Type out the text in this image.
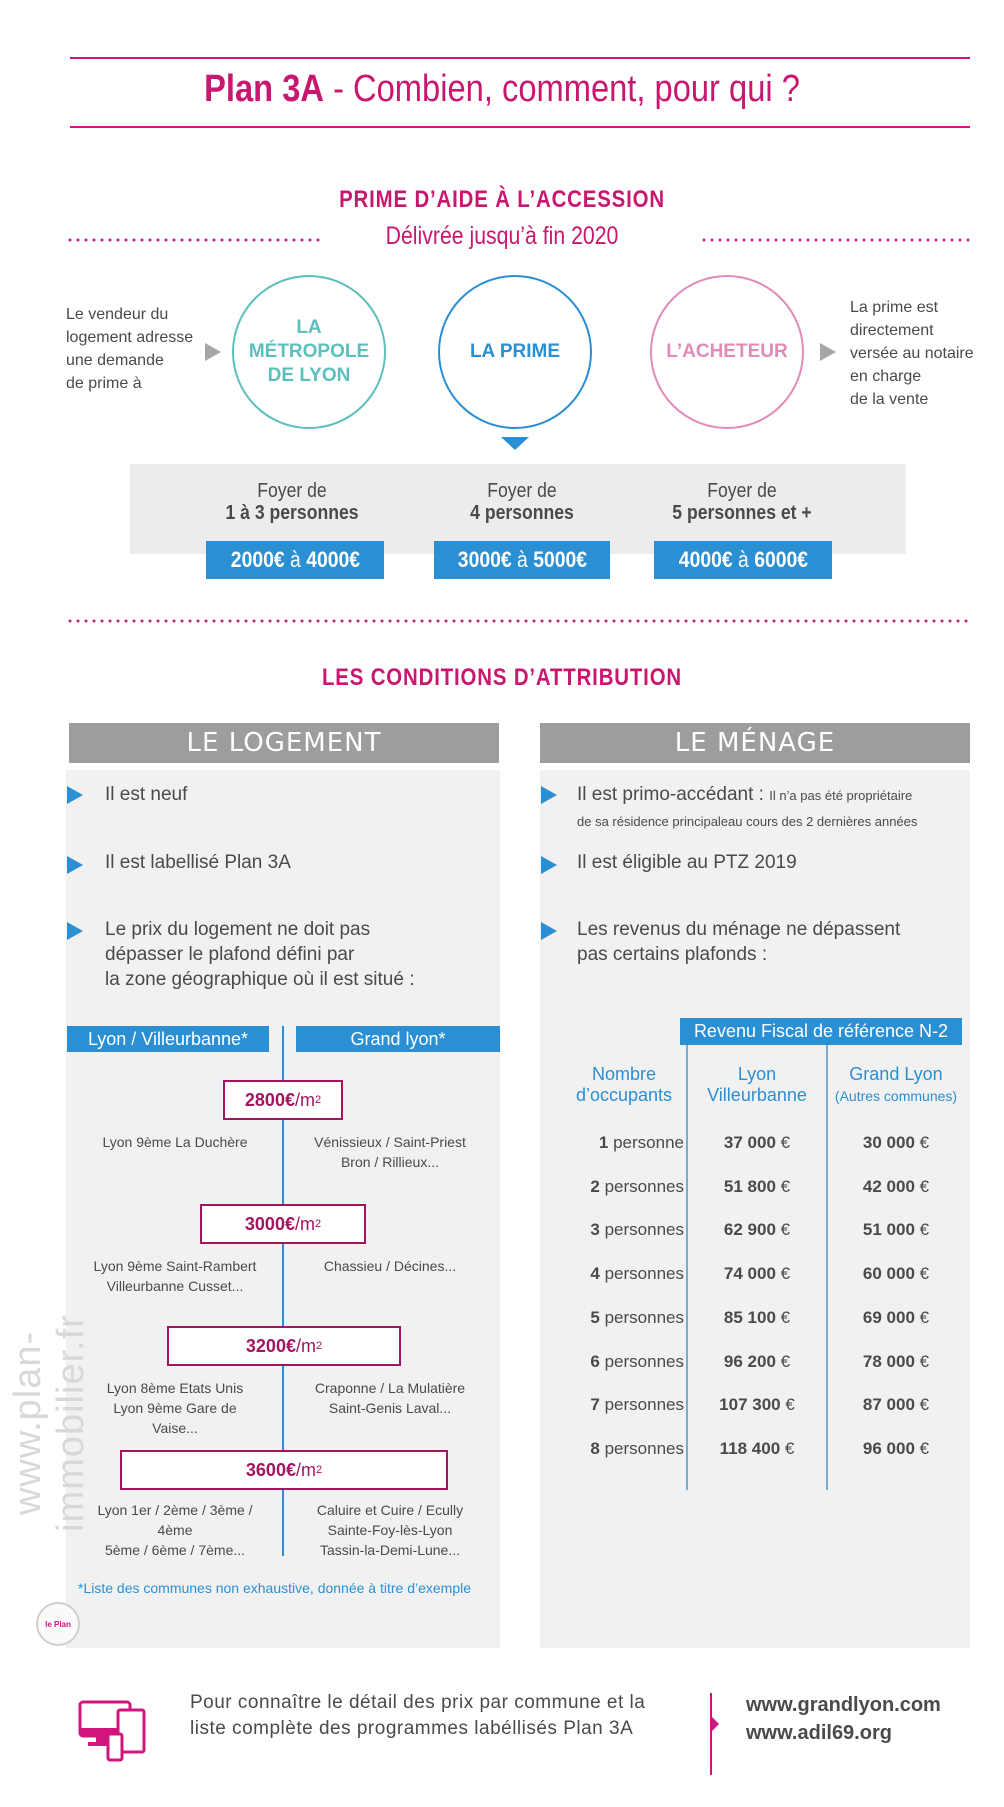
Plan 3A - Combien, comment, pour qui ?
PRIME D’AIDE À L’ACCESSION
Délivrée jusqu’à fin 2020
Le vendeur du
logement adresse
une demande
de prime à
LA
MÉTROPOLE
DE LYON
LA PRIME	L’ACHETEUR
La prime est
directement
versée au notaire
en charge
de la vente
Foyer de
1 à 3 personnes
Foyer de
4 personnes
Foyer de
5 personnes et +
2000€ à 4000€	3000€ à 5000€	4000€ à 6000€
LES CONDITIONS D’ATTRIBUTION
LE LOGEMENT
Il est neuf
Il est labellisé Plan 3A
Le prix du logement ne doit pas
dépasser le plafond défini par
la zone géographique où il est situé :
Lyon / Villeurbanne*	Grand lyon*
2800€ /m 2
Lyon 9ème La Duchère	Vénissieux / Saint-Priest
Bron / Rillieux...
3000€ /m 2
Lyon 9ème Saint-Rambert
Villeurbanne Cusset...
Chassieu / Décines...
3200€ /m 2
Lyon 8ème Etats Unis
Lyon 9ème Gare de Vaise...
Craponne / La Mulatière
Saint-Genis Laval...
3600€ /m 2
Lyon 1er / 2ème / 3ème / 4ème
5ème / 6ème / 7ème...
Caluire et Cuire / Ecully
Sainte-Foy-lès-Lyon
Tassin-la-Demi-Lune...
*Liste des communes non exhaustive, donnée à titre d’exemple
LE MÉNAGE
Il est primo-accédant : Il n’a pas été propriétaire
de sa résidence principaleau cours des 2 dernières années
Il est éligible au PTZ 2019
Les revenus du ménage ne dépassent
pas certains plafonds :
Revenu Fiscal de référence N-2
Nombre
d’occupants
Lyon
Villeurbanne
Grand Lyon
(Autres communes)
1 personne	37 000 €	30 000 €
2 personnes	51 800 €	42 000 €
3 personnes	62 900 €	51 000 €
4 personnes	74 000 €	60 000 €
5 personnes	85 100 €	69 000 €
6 personnes	96 200 €	78 000 €
7 personnes	107 300 €	87 000 €
8 personnes	118 400 €	96 000 €
www.plan-immobilier.fr
le Plan
Pour connaître le détail des prix par commune et la
liste complète des programmes labéllisés Plan 3A
www.grandlyon.com
www.adil69.org
